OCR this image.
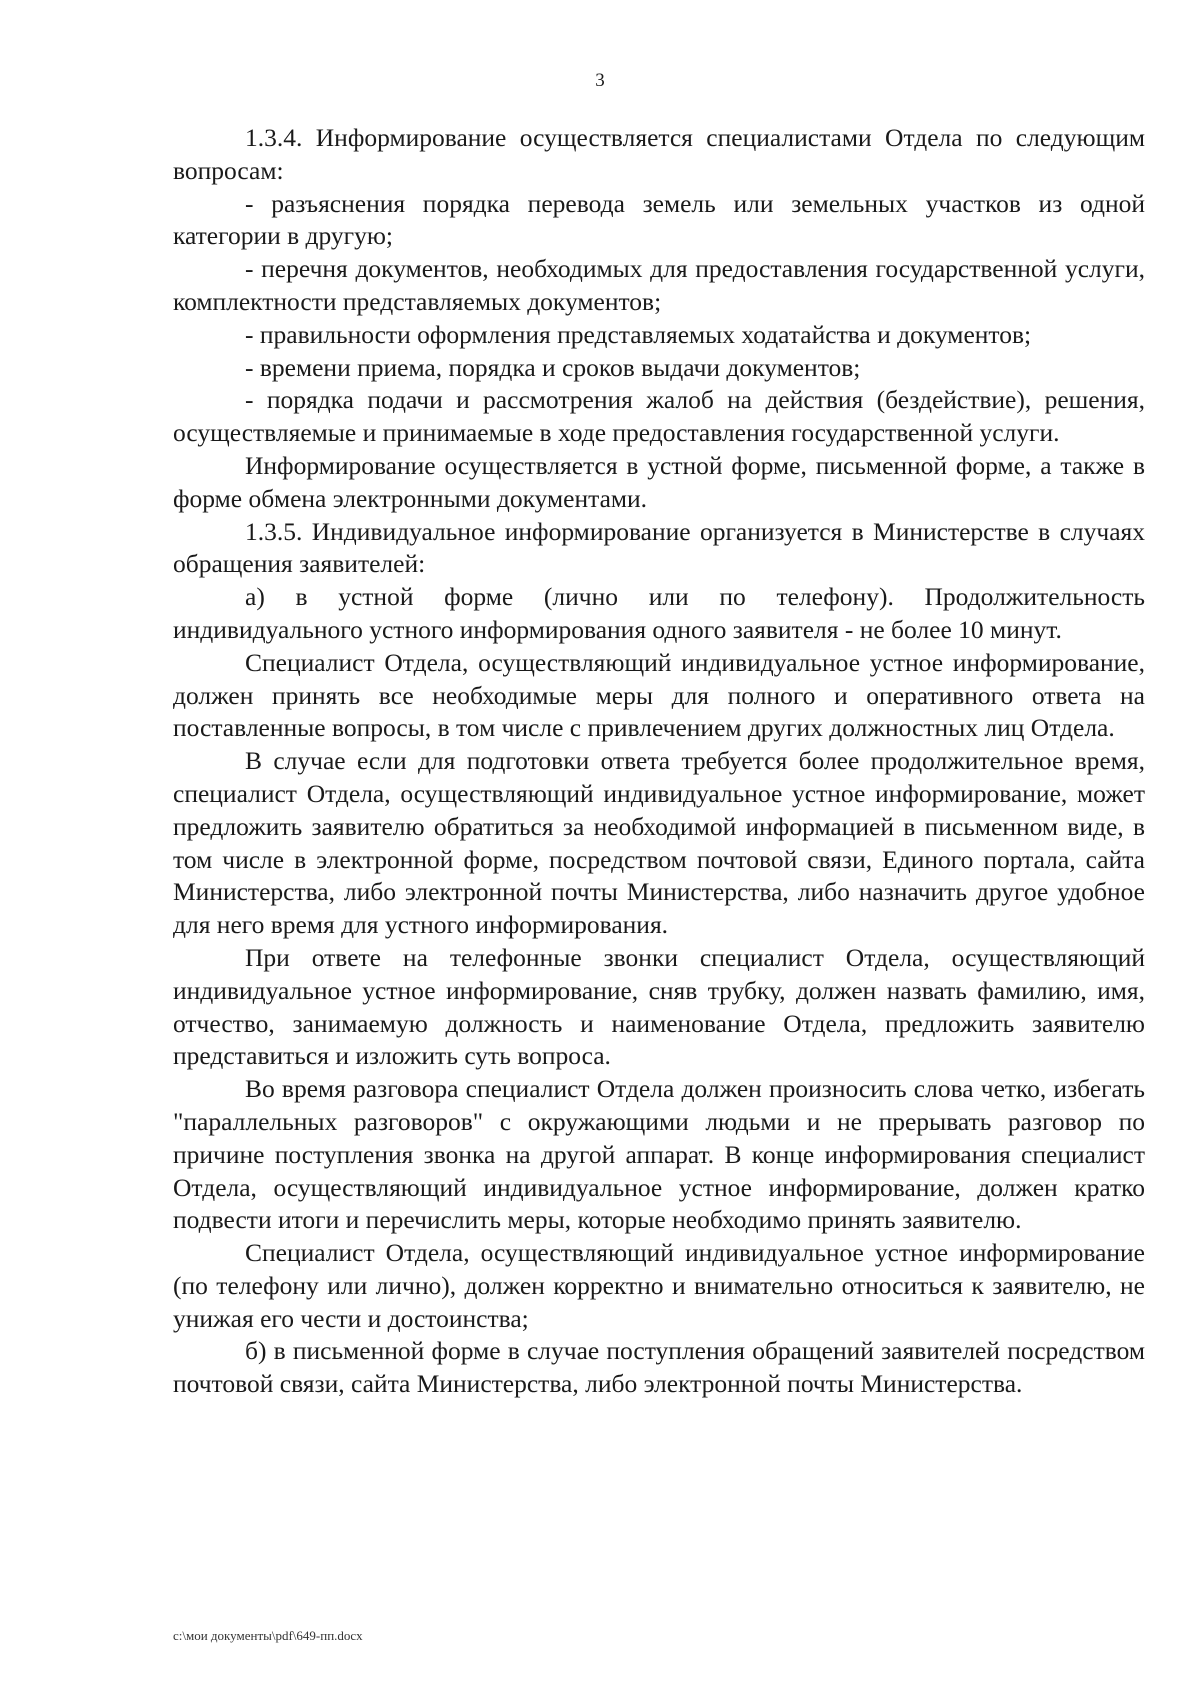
3

1.3.4. Информирование осуществляется специалистами Отдела по следующим вопросам:

- разъяснения порядка перевода земель или земельных участков из одной категории в другую;

- перечня документов, необходимых для предоставления государственной услуги, комплектности представляемых документов;

- правильности оформления представляемых ходатайства и документов;

- времени приема, порядка и сроков выдачи документов;

- порядка подачи и рассмотрения жалоб на действия (бездействие), решения, осуществляемые и принимаемые в ходе предоставления государственной услуги.

Информирование осуществляется в устной форме, письменной форме, а также в форме обмена электронными документами.

1.3.5. Индивидуальное информирование организуется в Министерстве в случаях обращения заявителей:

а) в устной форме (лично или по телефону). Продолжительность индивидуального устного информирования одного заявителя - не более 10 минут.

Специалист Отдела, осуществляющий индивидуальное устное информирование, должен принять все необходимые меры для полного и оперативного ответа на поставленные вопросы, в том числе с привлечением других должностных лиц Отдела.

В случае если для подготовки ответа требуется более продолжительное время, специалист Отдела, осуществляющий индивидуальное устное информирование, может предложить заявителю обратиться за необходимой информацией в письменном виде, в том числе в электронной форме, посредством почтовой связи, Единого портала, сайта Министерства, либо электронной почты Министерства, либо назначить другое удобное для него время для устного информирования.

При ответе на телефонные звонки специалист Отдела, осуществляющий индивидуальное устное информирование, сняв трубку, должен назвать фамилию, имя, отчество, занимаемую должность и наименование Отдела, предложить заявителю представиться и изложить суть вопроса.

Во время разговора специалист Отдела должен произносить слова четко, избегать "параллельных разговоров" с окружающими людьми и не прерывать разговор по причине поступления звонка на другой аппарат. В конце информирования специалист Отдела, осуществляющий индивидуальное устное информирование, должен кратко подвести итоги и перечислить меры, которые необходимо принять заявителю.

Специалист Отдела, осуществляющий индивидуальное устное информирование (по телефону или лично), должен корректно и внимательно относиться к заявителю, не унижая его чести и достоинства;

б) в письменной форме в случае поступления обращений заявителей посредством почтовой связи, сайта Министерства, либо электронной почты Министерства.

c:\мои документы\pdf\649-пп.docx
